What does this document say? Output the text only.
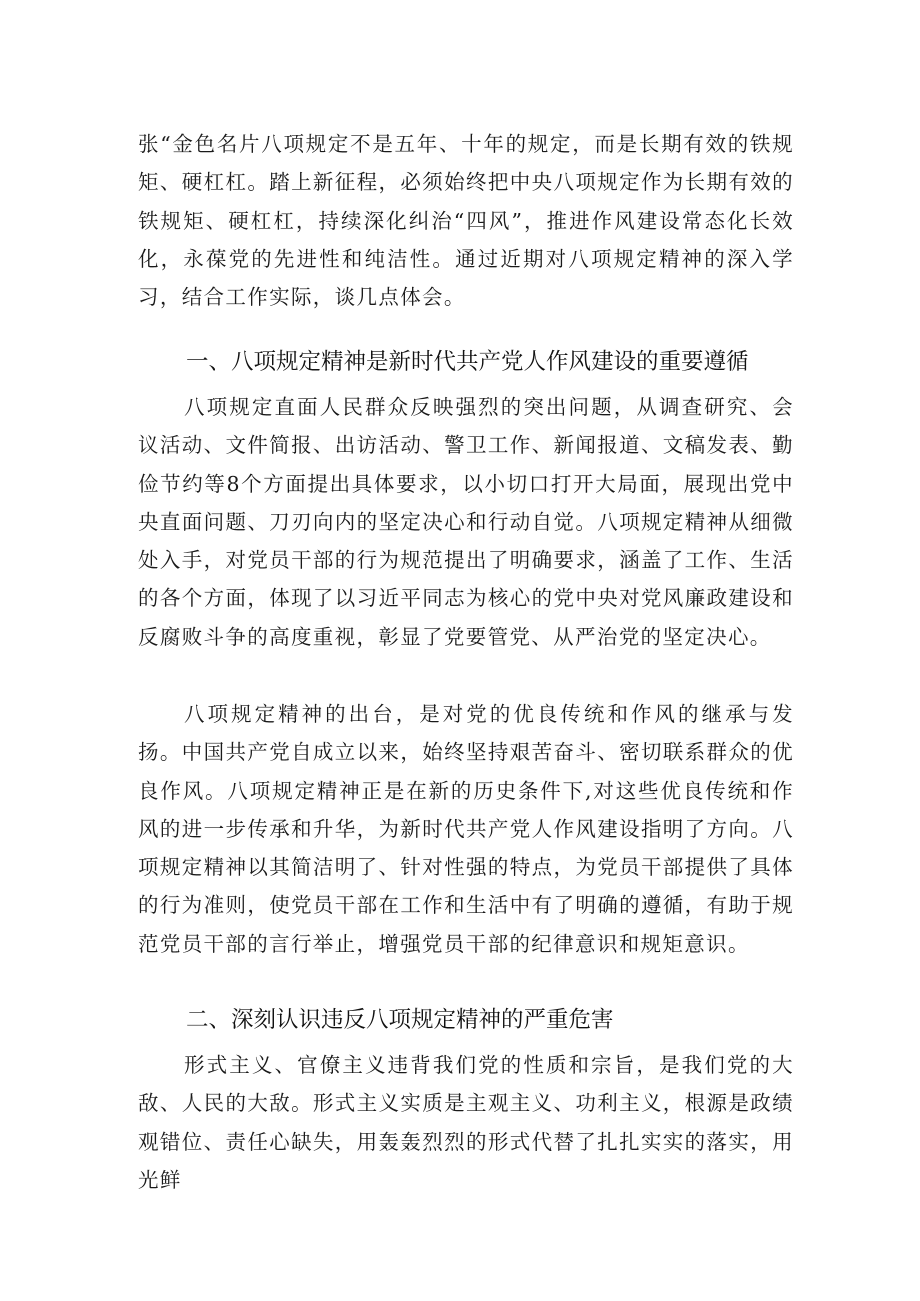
张“金色名片八项规定不是五年、十年的规定，而是长期有效的铁规矩、硬杠杠。踏上新征程，必须始终把中央八项规定作为长期有效的铁规矩、硬杠杠，持续深化纠治“四风”，推进作风建设常态化长效化，永葆党的先进性和纯洁性。通过近期对八项规定精神的深入学习，结合工作实际，谈几点体会。

一、八项规定精神是新时代共产党人作风建设的重要遵循

八项规定直面人民群众反映强烈的突出问题，从调查研究、会议活动、文件简报、出访活动、警卫工作、新闻报道、文稿发表、勤俭节约等8个方面提出具体要求，以小切口打开大局面，展现出党中央直面问题、刀刃向内的坚定决心和行动自觉。八项规定精神从细微处入手，对党员干部的行为规范提出了明确要求，涵盖了工作、生活的各个方面，体现了以习近平同志为核心的党中央对党风廉政建设和反腐败斗争的高度重视，彰显了党要管党、从严治党的坚定决心。

八项规定精神的出台，是对党的优良传统和作风的继承与发扬。中国共产党自成立以来，始终坚持艰苦奋斗、密切联系群众的优良作风。八项规定精神正是在新的历史条件下,对这些优良传统和作风的进一步传承和升华，为新时代共产党人作风建设指明了方向。八项规定精神以其简洁明了、针对性强的特点，为党员干部提供了具体的行为准则，使党员干部在工作和生活中有了明确的遵循，有助于规范党员干部的言行举止，增强党员干部的纪律意识和规矩意识。

二、深刻认识违反八项规定精神的严重危害

形式主义、官僚主义违背我们党的性质和宗旨，是我们党的大敌、人民的大敌。形式主义实质是主观主义、功利主义，根源是政绩观错位、责任心缺失，用轰轰烈烈的形式代替了扎扎实实的落实，用光鲜
